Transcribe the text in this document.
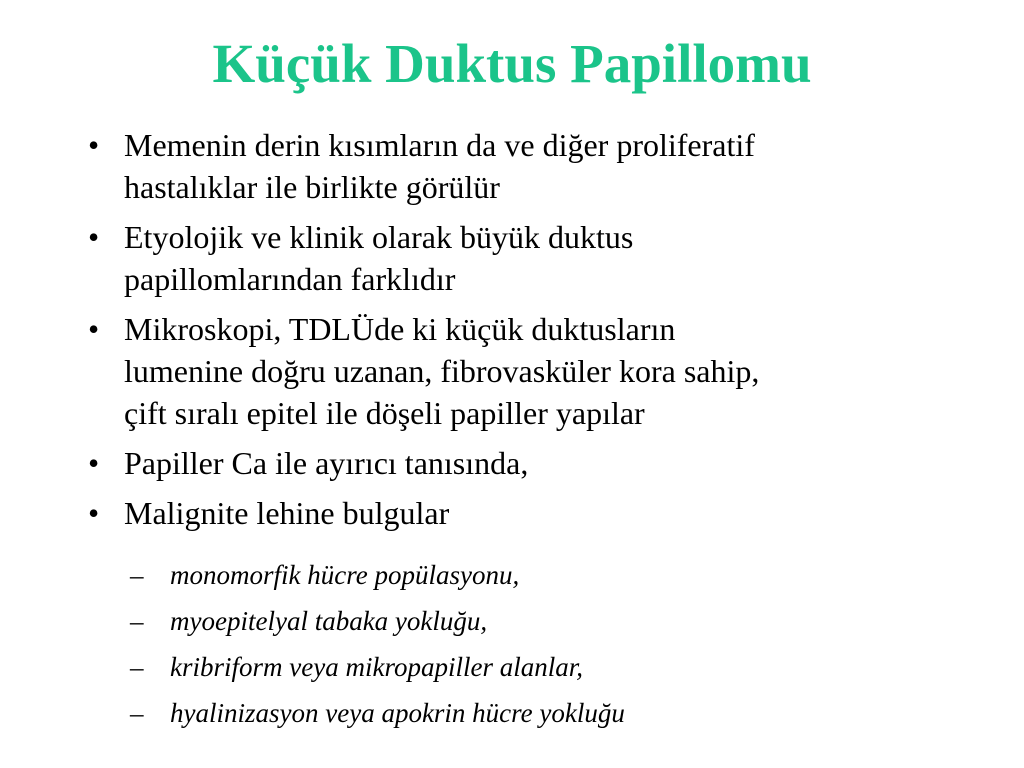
Küçük Duktus Papillomu
• Memenin derin kısımların da ve diğer proliferatif
hastalıklar ile birlikte görülür
• Etyolojik ve klinik olarak büyük duktus
papillomlarından farklıdır
• Mikroskopi, TDLÜde ki küçük duktusların
lumenine doğru uzanan, fibrovasküler kora sahip,
çift sıralı epitel ile döşeli papiller yapılar
• Papiller Ca ile ayırıcı tanısında,
• Malignite lehine bulgular
– monomorfik hücre popülasyonu,
– myoepitelyal tabaka yokluğu,
– kribriform veya mikropapiller alanlar,
– hyalinizasyon veya apokrin hücre yokluğu
